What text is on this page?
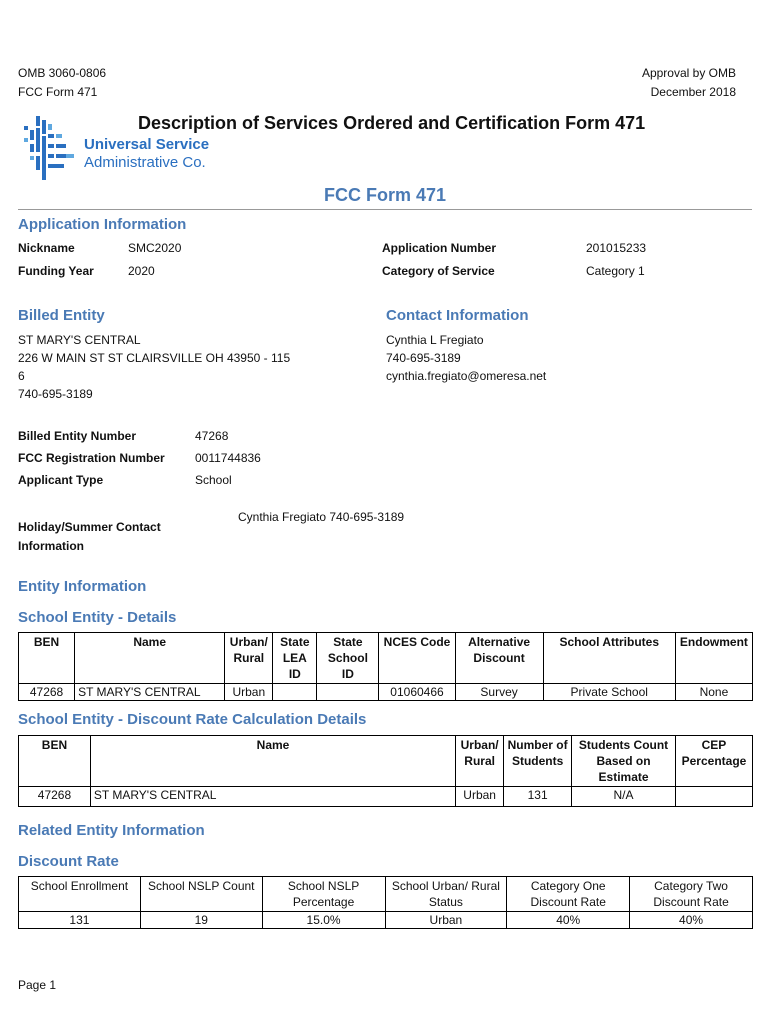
OMB 3060-0806
FCC Form 471
Approval by OMB
December 2018
Universal Service
Administrative Co.
Description of Services Ordered and Certification Form 471
FCC Form 471
Application Information
Nickname	SMC2020	Application Number	201015233
Funding Year	2020	Category of Service	Category 1
Billed Entity
ST MARY'S CENTRAL
226 W MAIN ST ST CLAIRSVILLE OH 43950 - 115
6
740-695-3189
Contact Information
Cynthia L Fregiato
740-695-3189
cynthia.fregiato@omeresa.net
Billed Entity Number	47268
FCC Registration Number	0011744836
Applicant Type	School
Holiday/Summer Contact
Information
Cynthia Fregiato 740-695-3189
Entity Information
School Entity - Details
BEN	Name	Urban/ Rural	State LEA ID	State School ID	NCES Code	Alternative Discount	School Attributes	Endowment
47268	ST MARY'S CENTRAL	Urban			01060466	Survey	Private School	None
School Entity - Discount Rate Calculation Details
BEN	Name	Urban/ Rural	Number of Students	Students Count Based on Estimate	CEP Percentage
47268	ST MARY'S CENTRAL	Urban	131	N/A	
Related Entity Information
Discount Rate
School Enrollment	School NSLP Count	School NSLP Percentage	School Urban/ Rural Status	Category One Discount Rate	Category Two Discount Rate
131	19	15.0%	Urban	40%	40%
Page 1
